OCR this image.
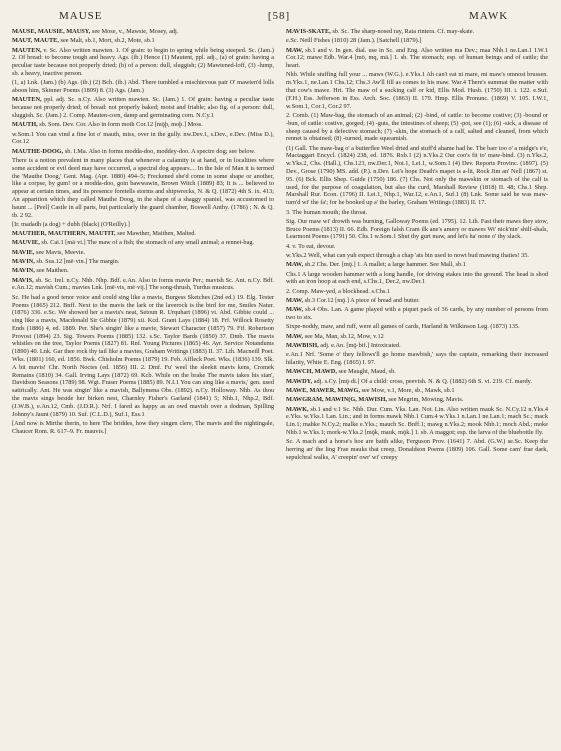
MAUSE	[58]	MAWK

MAUSE, MAUSIE, MAUSY, see Mose, v., Mawsie, Mosey, adj.

MAUT, MAUTE, see Malt, sb.1, Mort, sb.2, Mote, sb.1

MAUTEN, v. Sc. Also written mawten. 1. Of grain: to begin to spring while being steeped. Sc. (Jam.) 2. Of bread: to become tough and heavy. Ags. (ib.) Hence (1) Mautent, ppl. adj., (a) of grain: having a peculiar taste because not properly dried; (b) of a person: dull, sluggish; (2) Mawtened-loff, (3) -lump, sb. a heavy, inactive person.

(1, a) Lnk. (Jam.) (b) Ags. (ib.) (2) Bch. (ib.) Abd. There tumbled a mischievous pair O' mawten'd lolls aboon him, Skinner Poems (1809) 8. (3) Ags. (Jam.)

MAUTEN, ppl. adj. Sc. n.Cy. Also written mawten. Sc. (Jam.) 1. Of grain: having a peculiar taste because not properly dried; of bread: not properly baked; moist and friable; also fig. of a person: dull, sluggish. Sc. (Jam.) 2. Comp. Mauten-corn, damp and germinating corn. N.Cy.1

MAUTH, sb. Som. Dev. Cor. Also in form moth Cor.12 [mǭþ, moþ.] Moss.

w.Som.1 You can vind a fine lot o' mauth, miss, over in the gully. nw.Dev.1, s.Dev., e.Dev. (Miss D.), Cor.12

MAUTHE-DOOG, sb. I.Ma. Also in forms modda-doo, moddey-doo. A spectre dog; see below.

There is a notion prevalent in many places that whenever a calamity is at hand, or in localities where some accident or evil deed may have occurred, a spectral dog appears.... In the Isle of Man it is termed the 'Mauthe Doog,' Gent. Mag. (Apr. 1880) 494–5; Freckened she'd come in some shape or another, like a corpse, by gum! or a modda-doo, goin bawwawin, Brown Witch (1889) 83; It is ... believed to appear at certain times, and its presence foretells storms and shipwrecks, N. & Q. (1872) 4th S. ix. 413; An apparition which they called Mauthe Doog, in the shape of a shaggy spaniel, was accustomed to haunt ... [Peel] Castle in all parts, but particularly the guard chamber, Boswell Anthy. (1786) ; N. & Q. ib. 2 92.

[Ir. madadh (a dog) + dubh (black) (O'Reilly).]

MAUTHER, MAUTHERN, MAUTIT, see Mawther, Maithen, Malted.

MAUVIE, sb. Cai.1 [mā·vi.] The maw of a fish; the stomach of any small animal; a rennet-bag.

MAVIE, see Mavis, Meevie.

MAVIN, sb. Sus.12 [mē·vin.] The margin.

MAVIN, see Maithen.

MAVIS, sb. Sc. Irel. n.Cy. Nhb. Nhp. Bdf. e.An. Also in forms mavie Per.; mavish Sc. Ant. n.Cy. Bdf. e.An.12; mavish Cum.; mavies Lnk. [mē·vis, mē·vij.] The song-thrush, Turdus musicus.

Sc. He had a good tenor voice and could sing like a mavis, Burgess Sketches (2nd ed.) 19. Elg. Tester Poems (1865) 212. Bnff. Next to the mavis the lark or the laverock is the bird for me, Smiles Natur. (1876) 336. e.Sc. We showed her a mavis's neat, Setoun R. Urquhart (1896) vi. Abd. Gibbie could ... sing like a mavis, Macdonald Sir Gibbie (1879) xii. Kcd. Grant Lays (1884) 18. Frf. Willock Rosetty Ends (1886) 4, ed. 1889. Per. She's singin' like a mavie, Stewart Character (1857) 79. Fif. Robertson Provost (1894) 23. Sig. Towers Poems (1885) 132. s.Sc. Taylor Bards (1850) 37. Dmb. The mavis whistles on the tree, Taylor Poems (1827) 81. Rnf. Young Pictures (1865) 46. Ayr. Service Notandums (1890) 40. Lnk. Gar thee rock thy tail like a mavies, Graham Writings (1883) II. 37. Lth. Macneill Poet. Wks. (1801) 160, ed. 1856. Bwk. Chisholm Poems (1879) 19. Feb. Affleck Poet. Wks. (1836) 139. Slk. A bit mavis! Chr. North Noctes (ed. 1856) III. 2. Dmf. Fu' weel the sleekit mavis kens, Cromek Remains (1810) 34. Gall. Irving Lays (1872) 69. Kcb. While on the brake The mavis takes his stan', Davidson Seasons (1789) 98. Wgt. Fraser Poems (1885) 89. N.I.1 You can sing like a mavis,' gen. used satirically. Ant. He was singin' like a mavish, Ballymena Obs. (1892). n.Cy. Holloway. Nhb. As thou the mavis sings beside her birken nest, Charnley Fisher's Garland (1841) 5; Nhb.1, Nhp.2, Bdf. (J.W.B.), e.An.12, Cmb. (J.D.R.). Nrf. I fared as happy as an owd mavish over a dodman, Spilling Johnny's Jaunt (1879) 10. Suf. (C.L.D.), Suf.1, Ess.1

[And now is Mirthe therin, to here The briddes, how they singen clere, The mavis and the nightingale, Chaucer Rom. R. 617–9. Fr. mauvis.]

MAVIS-SKATE, sb. Sc. The sharp-nosed ray, Raia rintera. Cf. may-skate.

e.Sc. Neill Fishes (1810) 28 (Jam.). [Satchell (1879).]

MAW, sb.1 and v. In gen. dial. use in Sc. and Eng. Also written ma Dev.; maa Nhb.1 ne.Lan.1 I.W.1 Cor.12; mawe Edb. War.4 [mō, mq, mā.] 1. sb. The stomach; esp. of human beings and of cattle; the heart.

Nhb. While stuffing full your ... maws (W.G.). e.Yks.1 Ah can't eat ni mare, mi maw's omnost brussen. m.Yks.1, ne.Lan.1 Chs.12; Chs.3 Aw'll fill as comes to his maw. War.4 There's summat the matter with that cow's mawe. Hrt. The maw of a sucking calf or kid, Ellis Mod. Husb. (1750) III. i. 122. e.Suf. (F.H.) Ess. Jefferson in Ess. Arch. Soc. (1863) II. 179. Hmp. Ellis Pronunc. (1869) V. 105. I.W.1, w.Som.1, Cor.1, Cor.2 97.

2. Comb. (1) Maw-bag, the stomach of an animal; (2) -bind, of cattle: to become costive; (3) -bound or -bun, of cattle: costive, gorged; (4) -guts, the intestines of sheep; (5) -pot, see (1); (6) -sick, a disease of sheep caused by a defective stomach; (7) -skin, the stomach of a calf, salted and cleaned, from which rennet is obtained; (8) -turned, made squeamish.

(1) Gall. The maw-bag o' a butterflee Weel dried and stuff'd ahame had he. The barr too o' a midge's e'e, Mactaggart Encycl. (1824) 238, ed. 1876. Rxb.1 (2) n.Yks.2 Our coo's fit to' maw-bind. (3) n.Yks.2, w.Yks.2, Chs. (Hall.), Chs.123, nw.Der.1, Not.1, Lei.1, w.Som.1 (4) Dev. Reports Provinc. (1897). (5) Dev., Grose (1790) MS. add. (P.). n.Dev. Let's hope Death's mapet is a-lit, Rock Jim an' Nell (1867) st. 95. (6) Bck. Ellis Shep. Guide (1750) 186. (7) Chs. Not only the mawskin or stomach of the calf is used, for the purpose of coagulation, but also the curd, Marshall Review (1818) II. 48; Chs.1 Shrp. Marshall Rur. Econ. (1796) II. Lei.1, Nhp.1, War.12, e.An.1, Suf.1 (8) Lnk. Some said he was maw-turn'd wi' the fa'; for he booked up a' the barley, Graham Writings (1883) II. 17.

3. The human mouth; the throat.

Sig. Our maw wi' drowth was burning, Galloway Poems (ed. 1795). 12. Lth. Fast their maws they stow, Bruce Poems (1813) II. 66. Edb. Foreign falsh Cram ilk ane's amery or mawes Wi' nick'nin' shilf-shals, Learmont Poems (1791) 50. Chs.1 w.Som.1 Shut thy gurt maw, and let's ha' none o' thy slack.

4. v. To eat, devour.

w.Yks.2 Well, what can yuh expect through a chap 'ats bin used to nowt bud mawing thaties! 35.

MAW, sb.2 Chs. Der. [mǭ.] 1. A mallet; a large hammer. See Mall, sb.1

Chs.1 A large wooden hammer with a long handle, for driving stakes into the ground. The head is shod with an iron hoop at each end, s.Chs.1, Der.2, nw.Der.1

2. Comp. Maw-yed, a blockhead. s.Chs.1

MAW, sb.3 Cor.12 [mǭ.] A piece of bread and butter.

MAW, sb.4 Obs. Lan. A game played with a piquet pack of 36 cards, by any number of persons from two to six.

Sixpe-noddy, maw, and ruff, were all games of cards, Harland & Wilkinson Leg. (1873) 135.

MAW, see Ma, Man, sb.12, Mow, v.12

MAWBISH, adj. e.An. [mǭ·bif.] Intoxicated.

e.An.1 Nrf. 'Some o' they fellows'll go home mawbish,' says the captain, remarking their increased hilarity, White E. Eng. (1865) I. 97.

MAWCH, MAWD, see Maught, Maud, sb.

MAWDY, adj. s.Cy. [mǭ·di.] Of a child: cross, peevish. N. & Q. (1882) 6th S. vi. 219. Cf. mardy.

MAWE, MAWER, MAWG, see Mow, v.1, More, sb., Mawk, sb.1

MAWGRAM, MAWIN(G, MAWISH, see Megrim, Mowing, Mavis.

MAWK, sb.1 and v.1 Sc. Nhb. Dur. Cum. Yks. Lan. Not. Lin. Also written mauk Sc. N.Cy.12 n.Yks.4 e.Yks. w.Yks.1 Lan. Lin.; and in forms mawk Nhb.1 Cum.4 w.Yks.1 n.Lan.1 ne.Lan.1; mach Sc.; mack Lin.1; mahke N.Cy.2; malke e.Yks.; mauch Sc. Bnff.1; mawg n.Yks.2; mook Nhb.1; moch Abd.; moke Nhb.1 w.Yks.1; mork-w.Yks.2 [mǭk, mauk, mǭk.] 1. sb. A maggot; esp. the larva of the bluebottle fly.

Sc. A mach and a horse's hoe are baith alike, Ferguson Prov. (1641) 7. Abd. (G.W.) se.Sc. Keep the herring an' the ling Frae mauks that creep, Donaldson Poems (1809) 106. Gall. Some cam' frae dark, sepulchral walks, A' creepin' owr' wi' creepy
